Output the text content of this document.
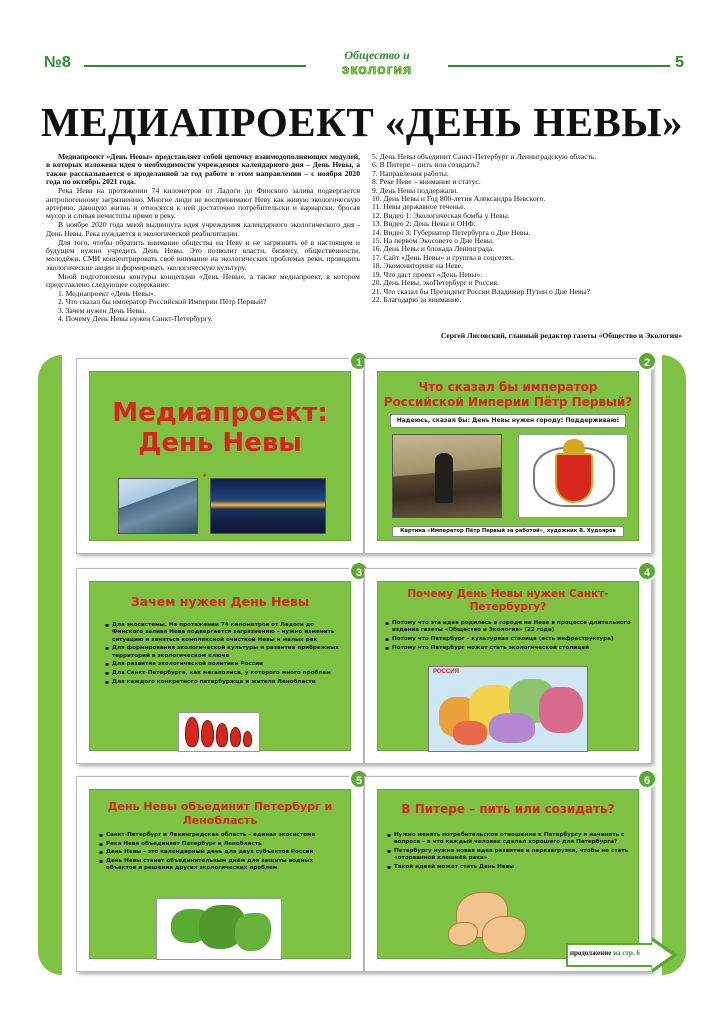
№8	Общество и
экология	5
МЕДИАПРОЕКТ «ДЕНЬ НЕВЫ»

Медиапроект «День Невы» представляет собой цепочку взаимодополняющих модулей, в которых изложена идея о необходимости учреждения календарного дня – День Невы, а также рассказывается о проделанной за год работе в этом направлении – с ноября 2020 года по октябрь 2021 года.

Река Нева на протяжении 74 километров от Ладоги до Финского залива подвергается антропогенному загрязнению. Многие люди не воспринимают Неву как живую экологическую артерию, дающую жизнь и относятся к ней достаточно потребительски и варварски, бросая мусор и сливая нечистоты прямо в реку.

В ноябре 2020 года мной выдвинута идея учреждения календарного экологического дня - День Невы. Река нуждается в экологической реабилитации.

Для того, чтобы обратить внимание общества на Неву и не загрязнять её в настоящем и будущем нужно учредить День Невы. Это позволит власти, бизнесу, общественности, молодёжи, СМИ концентрировать своё внимание на экологических проблемах реки, проводить экологические акции и формировать экологическую культуру.

Мной подготовлены контуры концепции «День Невы», а также медиапроект, в котором представлено следующее содержание:

1. Медиапроект «День Невы».
2. Что сказал бы император Российской Империи Пётр Первый?
3. Зачем нужен День Невы.
4. Почему День Невы нужен Санкт-Петербургу.
5. День Невы объединит Санкт-Петербург и Ленинградскую область.
6. В Питере – пить или созидать?
7. Направления работы.
8. Реке Неве – внимание и статус.
9. День Невы поддержали.
10. День Невы и Год 800-летия Александра Невского.
11. Невы державное теченье.
12. Видео 1: Экологическая бомба у Невы.
13. Видео 2: День Невы и ОНФ.
14. Видео 3: Губернатор Петербурга о Дне Невы.
15. На первом Экосовете о Дне Невы.
16. День Невы и блокада Ленинграда.
17. Сайт «День Невы» и группы в соцсетях.
18. Экомониторинг на Неве.
19. Что даст проект «День Невы».
20. День Невы, экоПетербург и Россия.
21. Что сказал бы Президент России Владимир Путин о Дне Невы?
22. Благодарю за внимание.
Сергей Лисовский, главный редактор газеты «Общество и Экология»
Медиапроект: День Невы
*
1
Что сказал бы император Российской Империи Пётр Первый?
Надеюсь, сказал бы: День Невы нужен городу! Поддерживаю!
Картина «Император Пётр Первый за работой», художник В. Худояров
2
Зачем нужен День Невы
▪ Для экосистемы. На протяжении 74 километров от Ладоги до Финского залива Нева подвергается загрязнению – нужно изменить ситуацию и заняться комплексной очисткой Невы и малых рек
▪ Для формирования экологической культуры и развития прибрежных территорий в экологическом ключе
▪ Для развития экологической политики России
▪ Для Санкт-Петербурга, как мегаполиса, у которого много проблем
▪ Для каждого конкретного петербуржца и жителя Ленобласти
3
Почему День Невы нужен Санкт-Петербургу?
▪ Потому что эта идея родилась в городе на Неве в процессе длительного издания газеты «Общество и Экология» (22 года)
▪ Потому что Петербург – культурная столица (есть инфраструктура)
▪ Потому что Петербург может стать экологической столицей
РОССИЯ
4
День Невы объединит Петербург и Ленобласть
▪ Санкт-Петербург и Ленинградская область – единая экосистема
▪ Река Нева объединяет Петербург и Ленобласть
▪ День Невы – это календарный день для двух субъектов России
▪ День Невы станет объединительным днём для защиты водных объектов и решения других экологических проблем
5
В Питере – пить или созидать?
▪ Нужно менять потребительское отношение к Петербургу и начинать с вопроса – а что каждый человек сделал хорошего для Петербурга?
▪ Петербургу нужна новая идея развития и перезагрузка, чтобы не стать «оторванной клешнёй рака».
▪ Такой идеей может стать День Невы
6
продолжение на стр. 6
